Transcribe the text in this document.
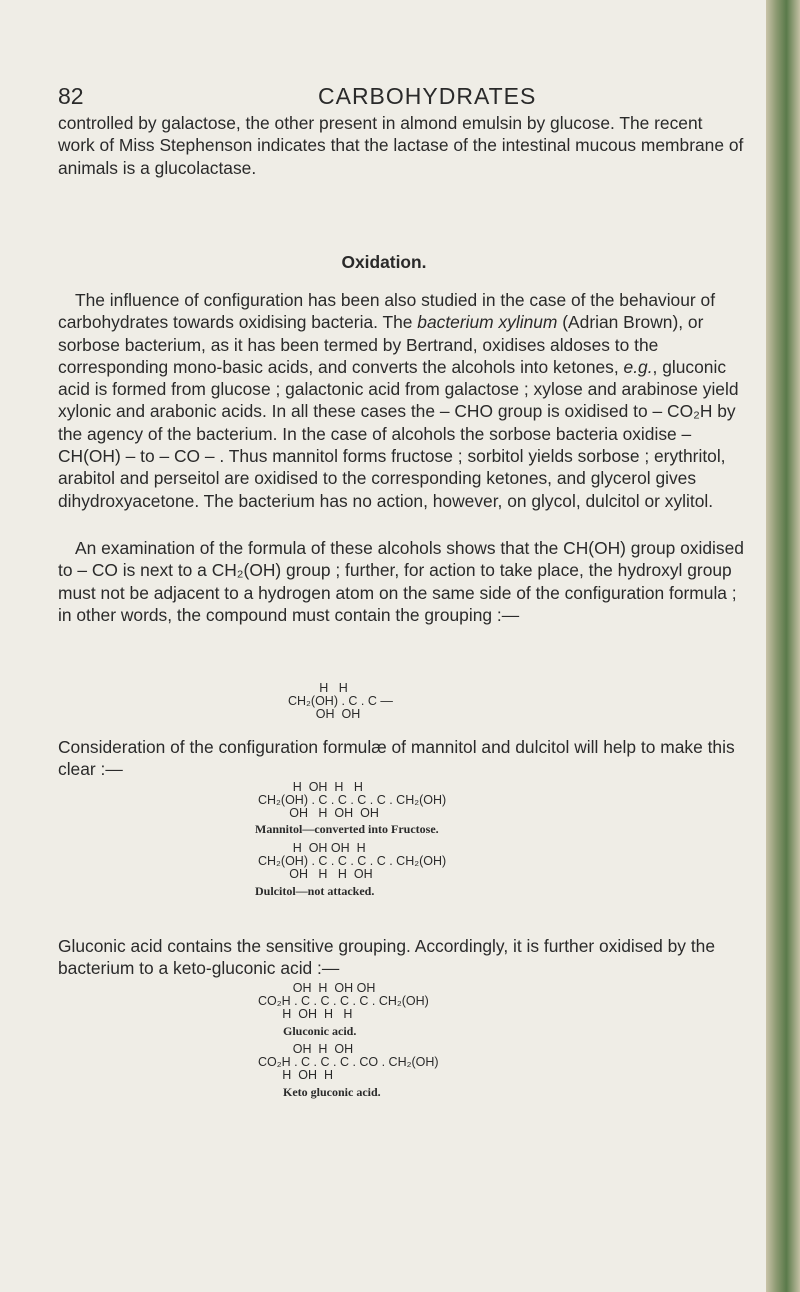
82	CARBOHYDRATES
controlled by galactose, the other present in almond emulsin by glucose. The recent work of Miss Stephenson indicates that the lactase of the intestinal mucous membrane of animals is a glucolactase.
Oxidation.
The influence of configuration has been also studied in the case of the behaviour of carbohydrates towards oxidising bacteria. The bacterium xylinum (Adrian Brown), or sorbose bacterium, as it has been termed by Bertrand, oxidises aldoses to the corresponding mono-basic acids, and converts the alcohols into ketones, e.g., gluconic acid is formed from glucose ; galactonic acid from galactose ; xylose and arabinose yield xylonic and arabonic acids. In all these cases the – CHO group is oxidised to – CO₂H by the agency of the bacterium. In the case of alcohols the sorbose bacteria oxidise – CH(OH) – to – CO – . Thus mannitol forms fructose ; sorbitol yields sorbose ; erythritol, arabitol and perseitol are oxidised to the corresponding ketones, and glycerol gives dihydroxyacetone. The bacterium has no action, however, on glycol, dulcitol or xylitol.
An examination of the formula of these alcohols shows that the CH(OH) group oxidised to – CO is next to a CH₂(OH) group ; further, for action to take place, the hydroxyl group must not be adjacent to a hydrogen atom on the same side of the configuration formula ; in other words, the compound must contain the grouping :—
H   H
CH₂(OH) . C . C —
OH  OH
Consideration of the configuration formulæ of mannitol and dulcitol will help to make this clear :—
H  OH  H   H
CH₂(OH) . C . C . C . C . CH₂(OH)
OH   H  OH  OH
Mannitol—converted into Fructose.
H  OH OH  H
CH₂(OH) . C . C . C . C . CH₂(OH)
OH   H   H  OH
Dulcitol—not attacked.
Gluconic acid contains the sensitive grouping. Accordingly, it is further oxidised by the bacterium to a keto-gluconic acid :—
OH  H  OH OH
CO₂H . C . C . C . C . CH₂(OH)
H  OH  H   H
Gluconic acid.
OH  H  OH
CO₂H . C . C . C . CO . CH₂(OH)
H  OH  H
Keto gluconic acid.
